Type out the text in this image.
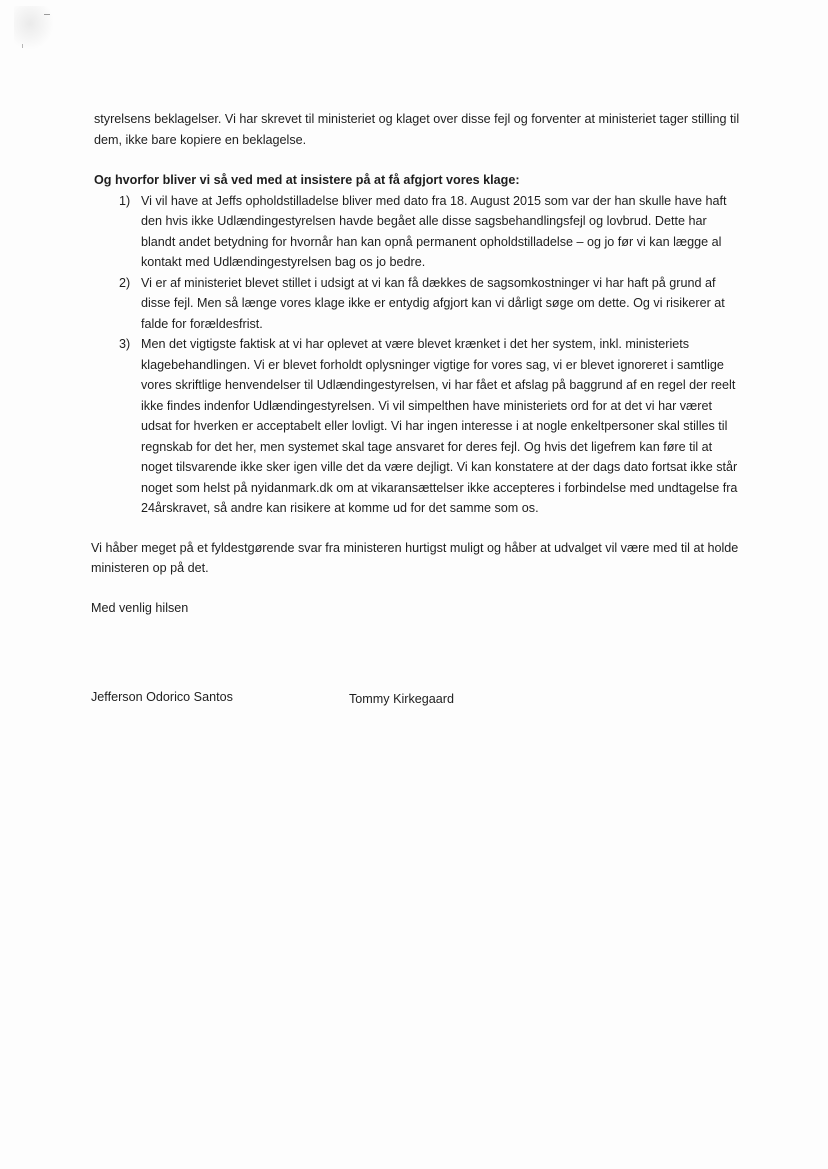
styrelsens beklagelser. Vi har skrevet til ministeriet og klaget over disse fejl og forventer at ministeriet tager stilling til dem, ikke bare kopiere en beklagelse.

Og hvorfor bliver vi så ved med at insistere på at få afgjort vores klage:

1) Vi vil have at Jeffs opholdstilladelse bliver med dato fra 18. August 2015 som var der han skulle have haft den hvis ikke Udlændingestyrelsen havde begået alle disse sagsbehandlingsfejl og lovbrud. Dette har blandt andet betydning for hvornår han kan opnå permanent opholdstilladelse – og jo før vi kan lægge al kontakt med Udlændingestyrelsen bag os jo bedre.
2) Vi er af ministeriet blevet stillet i udsigt at vi kan få dækkes de sagsomkostninger vi har haft på grund af disse fejl. Men så længe vores klage ikke er entydig afgjort kan vi dårligt søge om dette. Og vi risikerer at falde for forældesfrist.
3) Men det vigtigste faktisk at vi har oplevet at være blevet krænket i det her system, inkl. ministeriets klagebehandlingen. Vi er blevet forholdt oplysninger vigtige for vores sag, vi er blevet ignoreret i samtlige vores skriftlige henvendelser til Udlændingestyrelsen, vi har fået et afslag på baggrund af en regel der reelt ikke findes indenfor Udlændingestyrelsen. Vi vil simpelthen have ministeriets ord for at det vi har været udsat for hverken er acceptabelt eller lovligt. Vi har ingen interesse i at nogle enkeltpersoner skal stilles til regnskab for det her, men systemet skal tage ansvaret for deres fejl. Og hvis det ligefrem kan føre til at noget tilsvarende ikke sker igen ville det da være dejligt. Vi kan konstatere at der dags dato fortsat ikke står noget som helst på nyidanmark.dk om at vikaransættelser ikke accepteres i forbindelse med undtagelse fra 24årskravet, så andre kan risikere at komme ud for det samme som os.

Vi håber meget på et fyldestgørende svar fra ministeren hurtigst muligt og håber at udvalget vil være med til at holde ministeren op på det.

Med venlig hilsen

Jefferson Odorico Santos	Tommy Kirkegaard
